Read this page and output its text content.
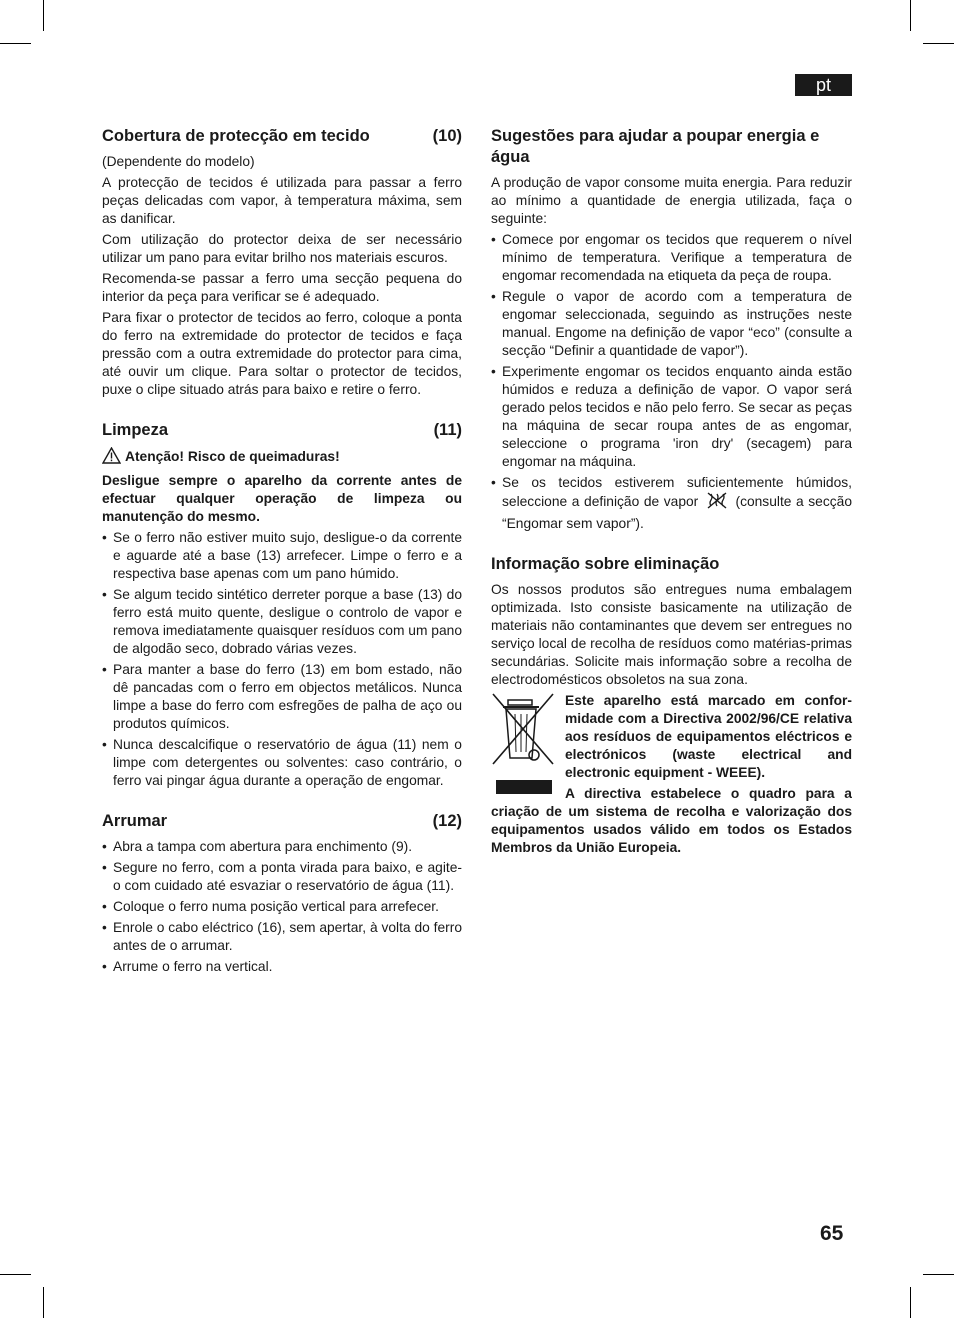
pt
Cobertura de protecção em tecido	(10)

(Dependente do modelo)

A protecção de tecidos é utilizada para passar a ferro peças delicadas com vapor, à temperatura máxima, sem as danificar.

Com utilização do protector deixa de ser necessário utilizar um pano para evitar brilho nos materiais escuros.

Recomenda-se passar a ferro uma secção pequena do interior da peça para verificar se é adequado.

Para fixar o protector de tecidos ao ferro, coloque a ponta do ferro na extremidade do protector de tecidos e faça pressão com a outra extremidade do protector para cima, até ouvir um clique. Para soltar o protector de tecidos, puxe o clipe situado atrás para baixo e retire o ferro.

Limpeza	(11)
Atenção! Risco de queimaduras!

Desligue sempre o aparelho da corrente antes de efectuar qualquer operação de limpeza ou manutenção do mesmo.

• Se o ferro não estiver muito sujo, desligue-o da corrente e aguarde até a base (13) arrefecer. Limpe o ferro e a respectiva base apenas com um pano húmido.
• Se algum tecido sintético derreter porque a base (13) do ferro está muito quente, desligue o controlo de vapor e remova imediatamente quaisquer resíduos com um pano de algodão seco, dobrado várias vezes.
• Para manter a base do ferro (13) em bom estado, não dê pancadas com o ferro em objectos metálicos. Nunca limpe a base do ferro com esfregões de palha de aço ou produtos químicos.
• Nunca descalcifique o reservatório de água (11) nem o limpe com detergentes ou solventes: caso contrário, o ferro vai pingar água durante a operação de engomar.
Arrumar	(12)
• Abra a tampa com abertura para enchimento (9).
• Segure no ferro, com a ponta virada para baixo, e agite-o com cuidado até esvaziar o reservatório de água (11).
• Coloque o ferro numa posição vertical para arrefecer.
• Enrole o cabo eléctrico (16), sem apertar, à volta do ferro antes de o arrumar.
• Arrume o ferro na vertical.
Sugestões para ajudar a poupar energia e água

A produção de vapor consome muita energia. Para reduzir ao mínimo a quantidade de energia utilizada, faça o seguinte:

• Comece por engomar os tecidos que requerem o nível mínimo de temperatura. Verifique a temperatura de engomar recomendada na etiqueta da peça de roupa.
• Regule o vapor de acordo com a temperatura de engomar seleccionada, seguindo as instruções neste manual. Engome na definição de vapor “eco” (consulte a secção “Definir a quantidade de vapor”).
• Experimente engomar os tecidos enquanto ainda estão húmidos e reduza a definição de vapor. O vapor será gerado pelos tecidos e não pelo ferro. Se secar as peças na máquina de secar roupa antes de as engomar, seleccione o programa 'iron dry' (secagem) para engomar na máquina.
• Se os tecidos estiverem suficientemente húmidos, seleccione a definição de vapor	(consulte a secção “Engomar sem vapor”).
Informação sobre eliminação

Os nossos produtos são entregues numa embalagem optimizada. Isto consiste basicamente na utilização de materiais não contaminantes que devem ser entregues no serviço local de recolha de resíduos como matérias-primas secundárias. Solicite mais informação sobre a recolha de electrodomésticos obsoletos na sua zona.

Este aparelho está marcado em conformidade com a Directiva 2002/96/CE relativa aos resíduos de equipamentos eléctricos e electrónicos (waste electrical and electronic equipment - WEEE).

A directiva estabelece o quadro para a criação de um sistema de recolha e valorização dos equipamentos usados válido em todos os Estados Membros da União Europeia.

65
